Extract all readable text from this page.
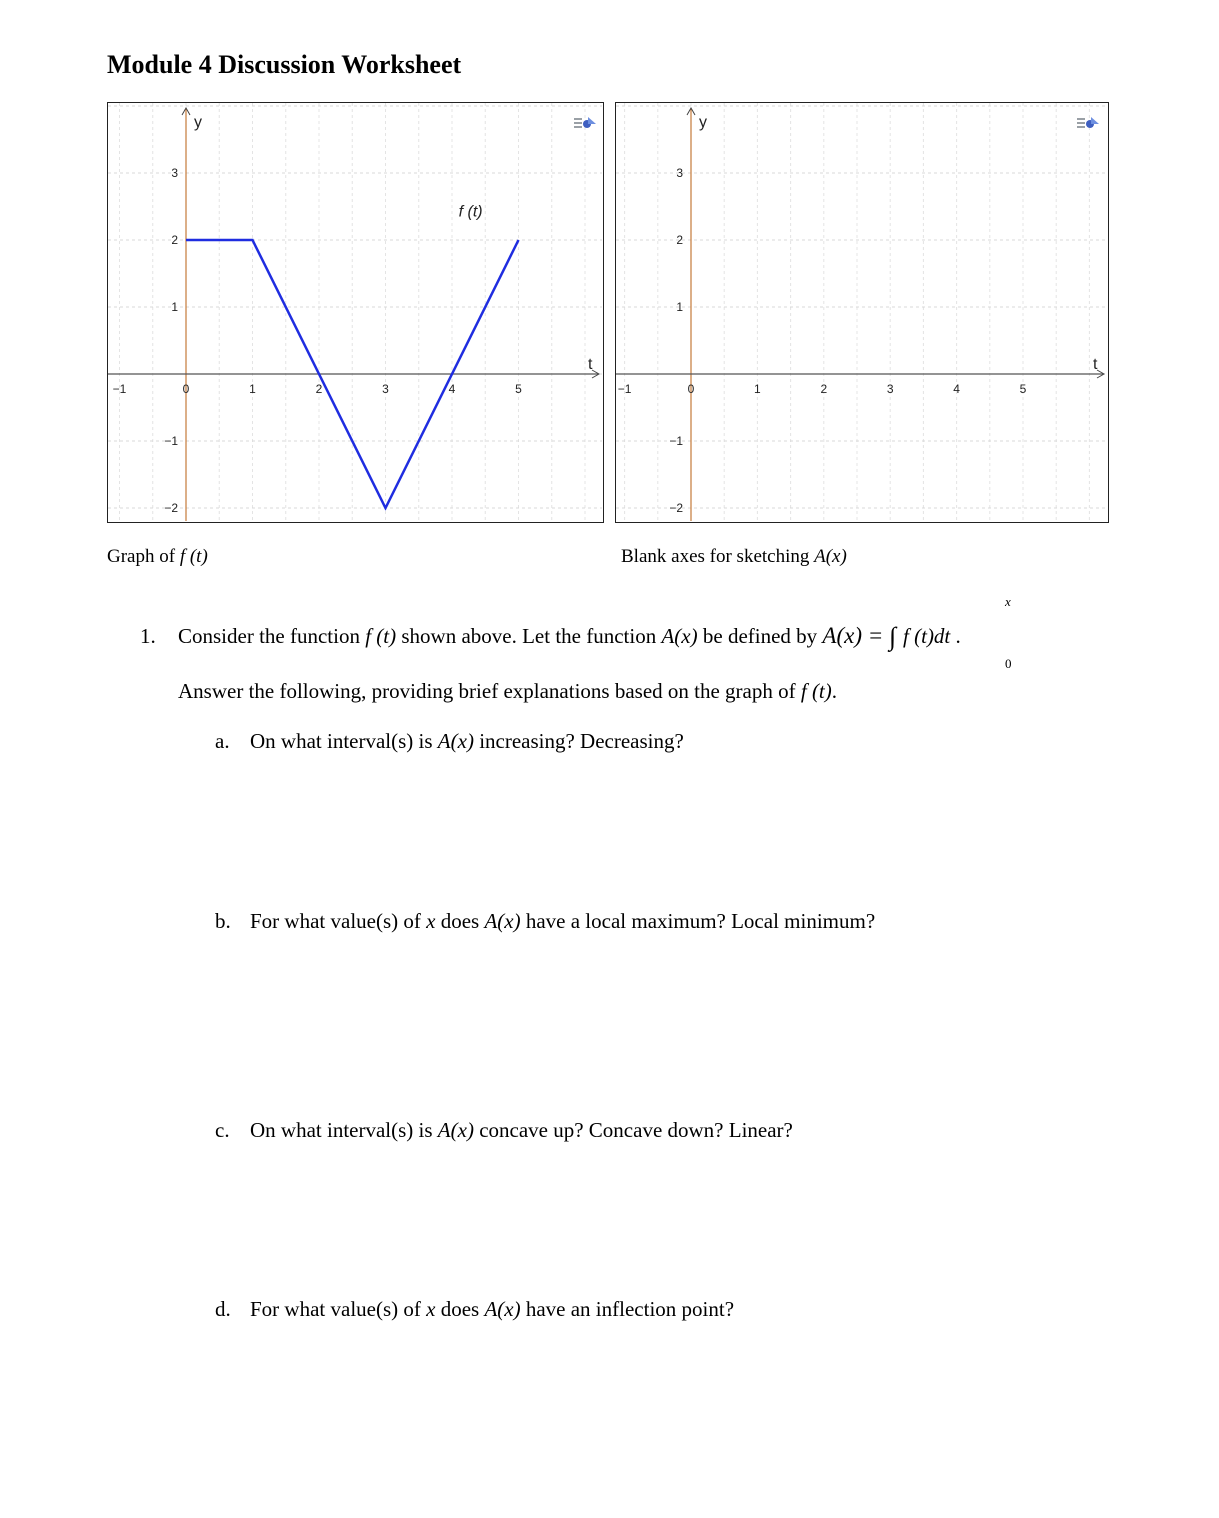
Module 4 Discussion Worksheet
−1	0	1	2	3	4	5
3
2
1
−1
−2
f (t)
t
y
−1	0	1	2	3	4	5
3
2
1
−1
−2
t
y
Graph of f (t)	Blank axes for sketching A(x)
1. Consider the function f (t) shown above. Let the function A(x) be defined by A(x) = ∫ f (t)dt .
x
0
Answer the following, providing brief explanations based on the graph of f (t).
a. On what interval(s) is A(x) increasing? Decreasing?
b. For what value(s) of x does A(x) have a local maximum? Local minimum?
c. On what interval(s) is A(x) concave up? Concave down? Linear?
d. For what value(s) of x does A(x) have an inflection point?
